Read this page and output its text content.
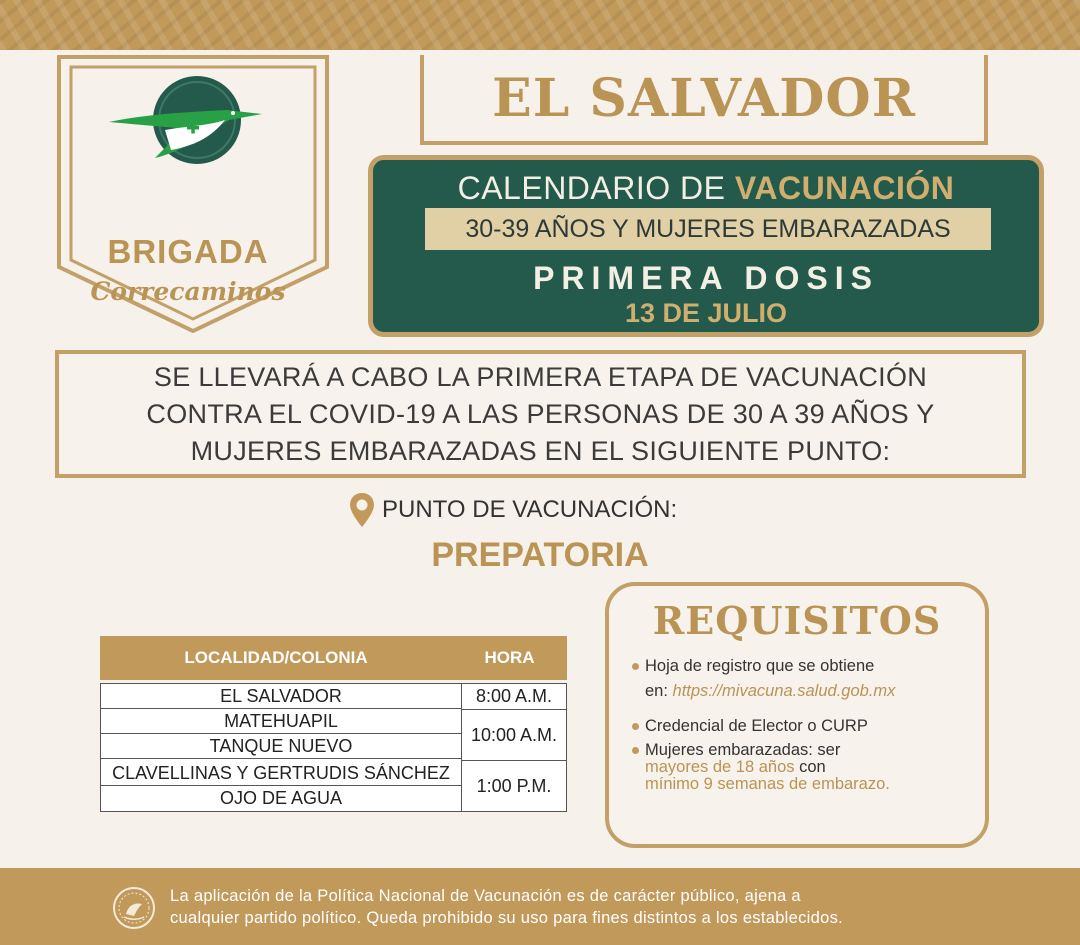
BRIGADA
Correcaminos
EL SALVADOR
CALENDARIO DE VACUNACIÓN
30-39 AÑOS Y MUJERES EMBARAZADAS
PRIMERA DOSIS
13 DE JULIO
SE LLEVARÁ A CABO LA PRIMERA ETAPA DE VACUNACIÓN
CONTRA EL COVID-19 A LAS PERSONAS DE 30 A 39 AÑOS Y
MUJERES EMBARAZADAS EN EL SIGUIENTE PUNTO:
PUNTO DE VACUNACIÓN:
PREPATORIA
LOCALIDAD/COLONIA	HORA
EL SALVADOR
MATEHUAPIL
TANQUE NUEVO
CLAVELLINAS Y GERTRUDIS SÁNCHEZ
OJO DE AGUA
8:00 A.M.
10:00 A.M.
1:00 P.M.
REQUISITOS
Hoja de registro que se obtiene
en: https://mivacuna.salud.gob.mx
Credencial de Elector o CURP
Mujeres embarazadas: ser
mayores de 18 años con
mínimo 9 semanas de embarazo.
La aplicación de la Política Nacional de Vacunación es de carácter público, ajena a
cualquier partido político. Queda prohibido su uso para fines distintos a los establecidos.
